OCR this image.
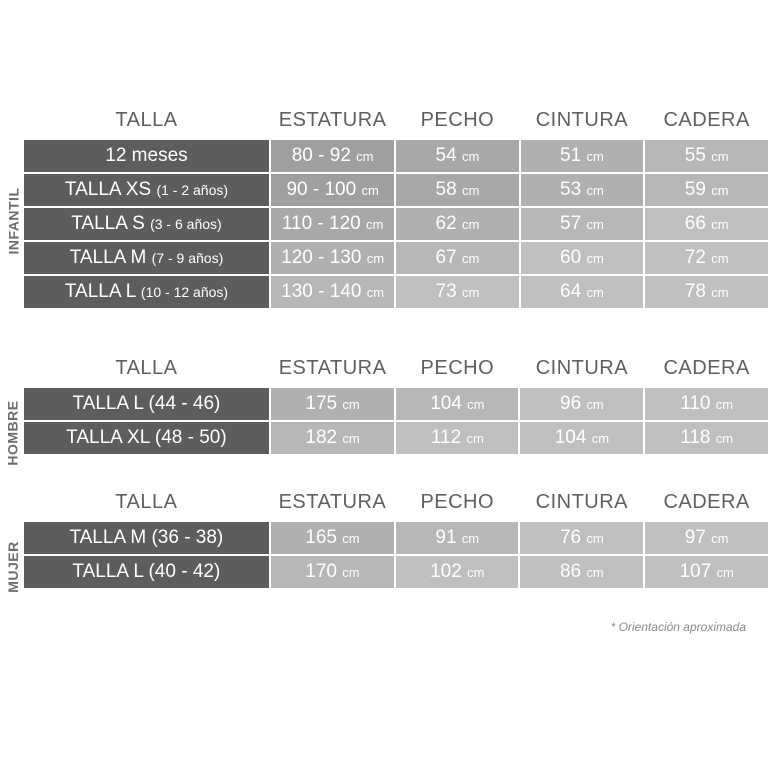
INFANTIL
TALLA	ESTATURA	PECHO	CINTURA	CADERA
12 meses	80 - 92 cm	54 cm	51 cm	55 cm
TALLA XS (1 - 2 años)	90 - 100 cm	58 cm	53 cm	59 cm
TALLA S (3 - 6 años)	110 - 120 cm	62 cm	57 cm	66 cm
TALLA M (7 - 9 años)	120 - 130 cm	67 cm	60 cm	72 cm
TALLA L (10 - 12 años)	130 - 140 cm	73 cm	64 cm	78 cm
HOMBRE
TALLA	ESTATURA	PECHO	CINTURA	CADERA
TALLA L (44 - 46)	175 cm	104 cm	96 cm	110 cm
TALLA XL (48 - 50)	182 cm	112 cm	104 cm	118 cm
MUJER
TALLA	ESTATURA	PECHO	CINTURA	CADERA
TALLA M (36 - 38)	165 cm	91 cm	76 cm	97 cm
TALLA L (40 - 42)	170 cm	102 cm	86 cm	107 cm
* Orientación aproximada
